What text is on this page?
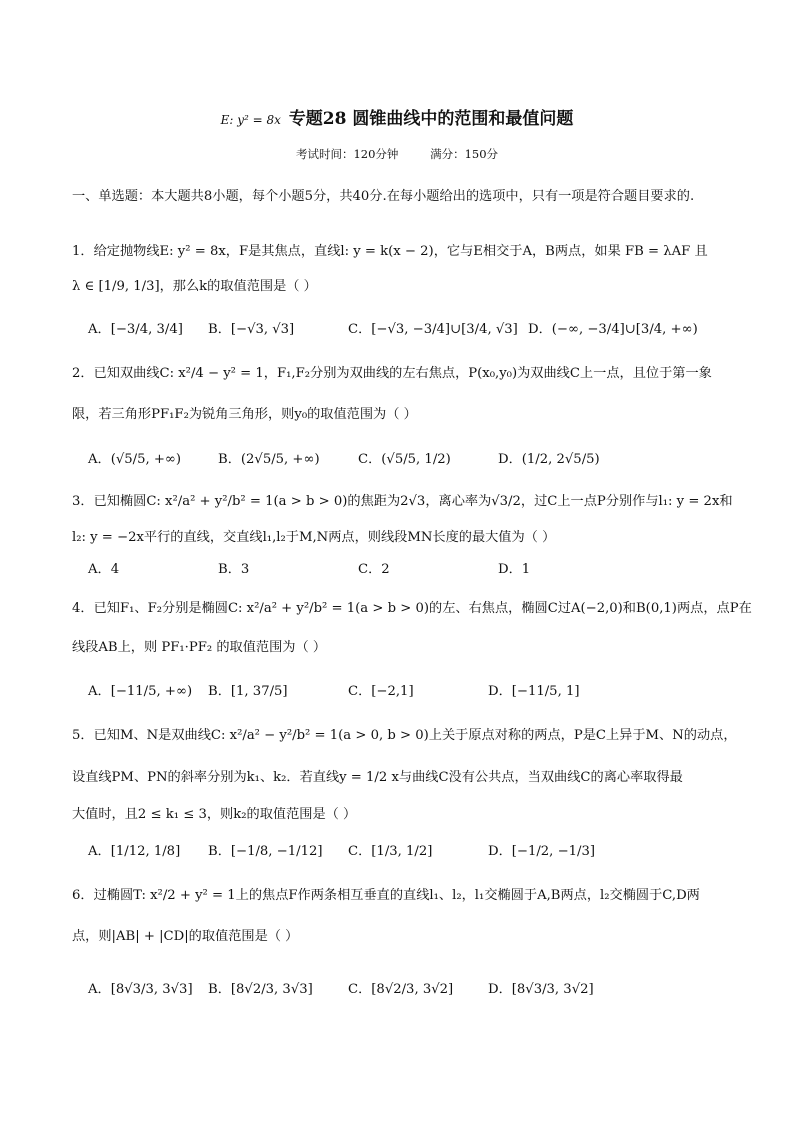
E: y² = 8x 专题28 圆锥曲线中的范围和最值问题
考试时间：120分钟	满分：150分
一、单选题：本大题共8小题，每个小题5分，共40分.在每小题给出的选项中，只有一项是符合题目要求的.
1．给定抛物线E: y² = 8x，F是其焦点，直线l: y = k(x − 2)，它与E相交于A，B两点，如果 FB = λAF 且
λ ∈ [1/9, 1/3]，那么k的取值范围是（ ）
A．[−3/4, 3/4]	B．[−√3, √3]	C．[−√3, −3/4]∪[3/4, √3] D．(−∞, −3/4]∪[3/4, +∞)
2．已知双曲线C: x²/4 − y² = 1，F₁,F₂分别为双曲线的左右焦点，P(x₀,y₀)为双曲线C上一点，且位于第一象
限，若三角形PF₁F₂为锐角三角形，则y₀的取值范围为（ ）
A．(√5/5, +∞)	B．(2√5/5, +∞)	C．(√5/5, 1/2)	D．(1/2, 2√5/5)
3．已知椭圆C: x²/a² + y²/b² = 1(a > b > 0)的焦距为2√3，离心率为√3/2，过C上一点P分别作与l₁: y = 2x和
l₂: y = −2x平行的直线，交直线l₁,l₂于M,N两点，则线段MN长度的最大值为（ ）
A．4	B．3	C．2	D．1
4．已知F₁、F₂分别是椭圆C: x²/a² + y²/b² = 1(a > b > 0)的左、右焦点，椭圆C过A(−2,0)和B(0,1)两点，点P在
线段AB上，则 PF₁·PF₂ 的取值范围为（ ）
A．[−11/5, +∞)	B．[1, 37/5]	C．[−2,1]	D．[−11/5, 1]
5．已知M、N是双曲线C: x²/a² − y²/b² = 1(a > 0, b > 0)上关于原点对称的两点，P是C上异于M、N的动点，
设直线PM、PN的斜率分别为k₁、k₂．若直线y = 1/2 x与曲线C没有公共点，当双曲线C的离心率取得最
大值时，且2 ≤ k₁ ≤ 3，则k₂的取值范围是（ ）
A．[1/12, 1/8]	B．[−1/8, −1/12]	C．[1/3, 1/2]	D．[−1/2, −1/3]
6．过椭圆T: x²/2 + y² = 1上的焦点F作两条相互垂直的直线l₁、l₂，l₁交椭圆于A,B两点，l₂交椭圆于C,D两
点，则|AB| + |CD|的取值范围是（ ）
A．[8√3/3, 3√3]	B．[8√2/3, 3√3]	C．[8√2/3, 3√2]	D．[8√3/3, 3√2]
